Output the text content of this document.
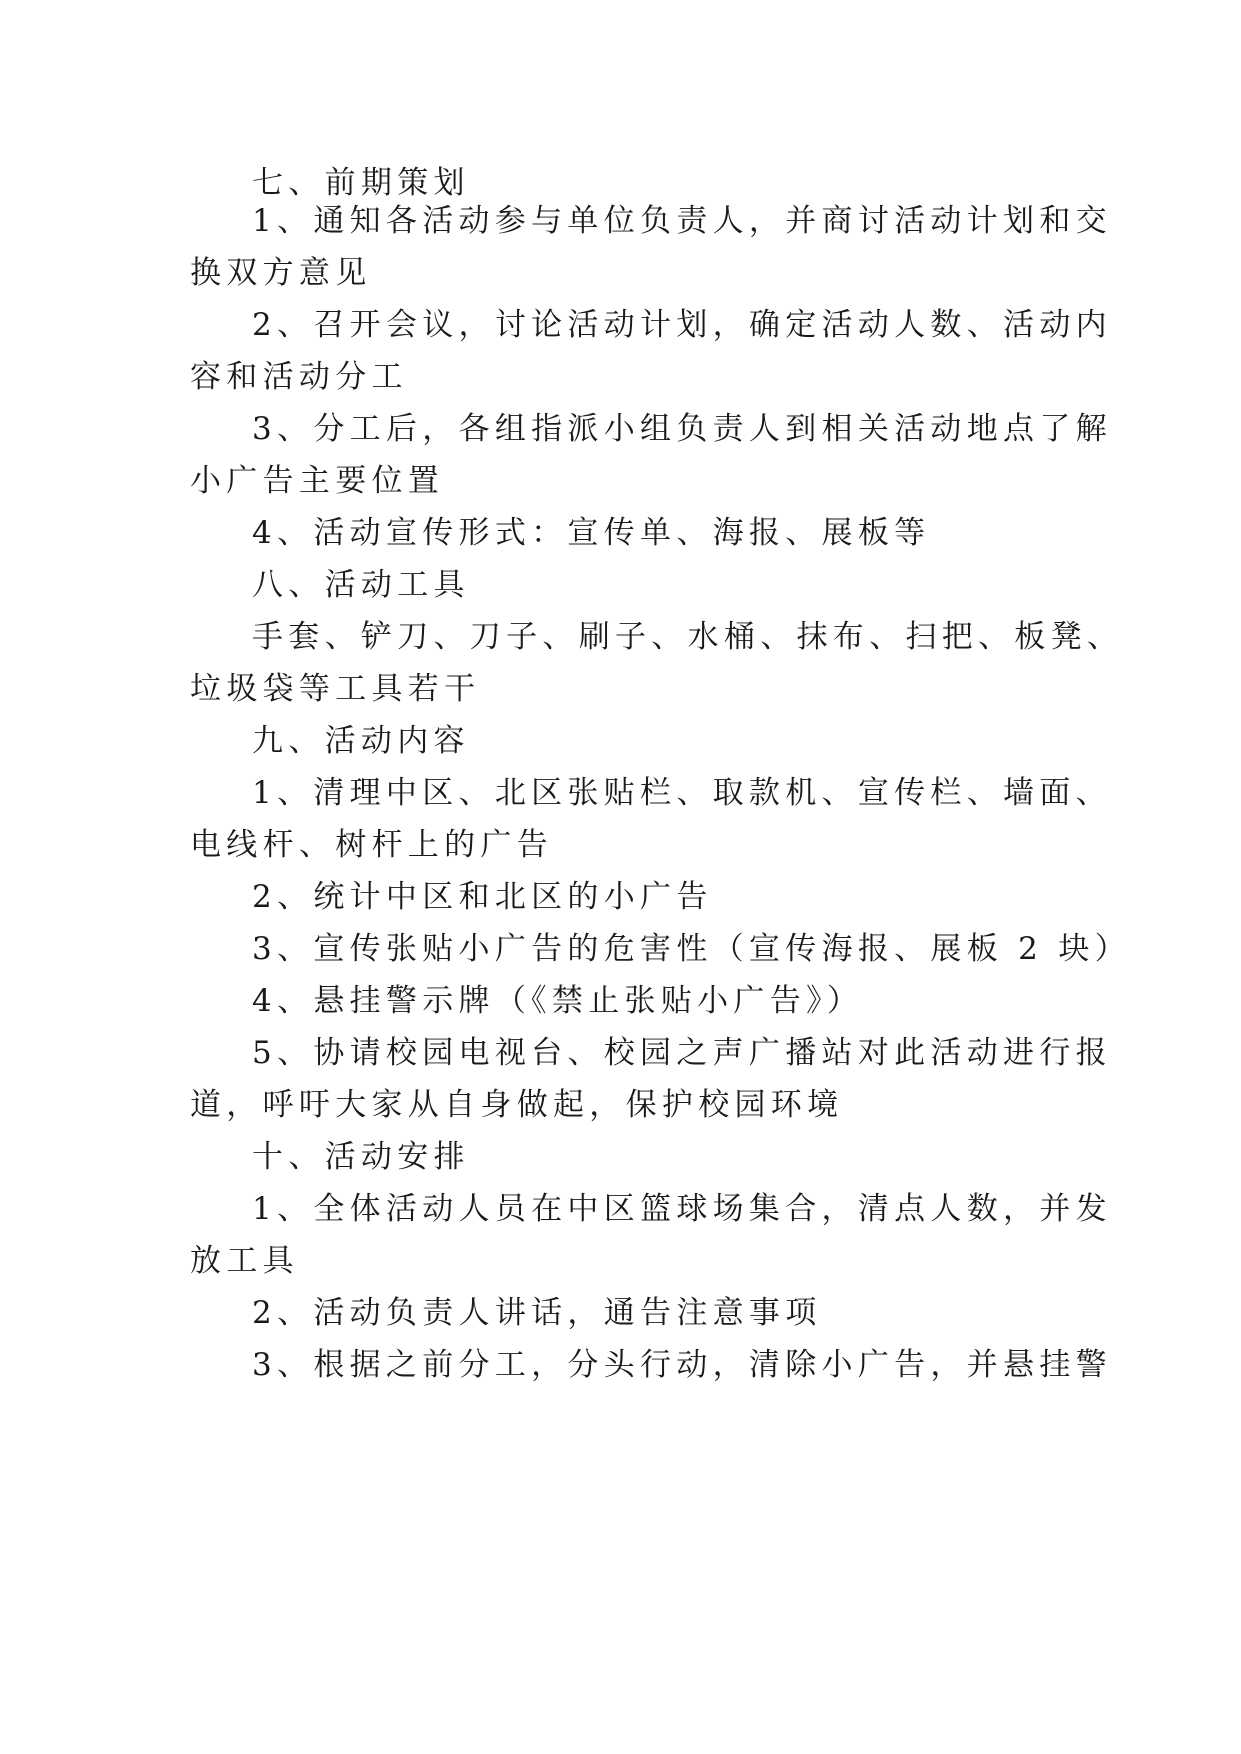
七、前期策划

1、通知各活动参与单位负责人，并商讨活动计划和交

换双方意见

2、召开会议，讨论活动计划，确定活动人数、活动内

容和活动分工

3、分工后，各组指派小组负责人到相关活动地点了解

小广告主要位置

4、活动宣传形式：宣传单、海报、展板等

八、活动工具

手套、铲刀、刀子、刷子、水桶、抹布、扫把、板凳、

垃圾袋等工具若干

九、活动内容

1、清理中区、北区张贴栏、取款机、宣传栏、墙面、

电线杆、树杆上的广告

2、统计中区和北区的小广告

3、宣传张贴小广告的危害性（宣传海报、展板 2 块）

4、悬挂警示牌（《禁止张贴小广告》）

5、协请校园电视台、校园之声广播站对此活动进行报

道，呼吁大家从自身做起，保护校园环境

十、活动安排

1、全体活动人员在中区篮球场集合，清点人数，并发

放工具

2、活动负责人讲话，通告注意事项

3、根据之前分工，分头行动，清除小广告，并悬挂警
